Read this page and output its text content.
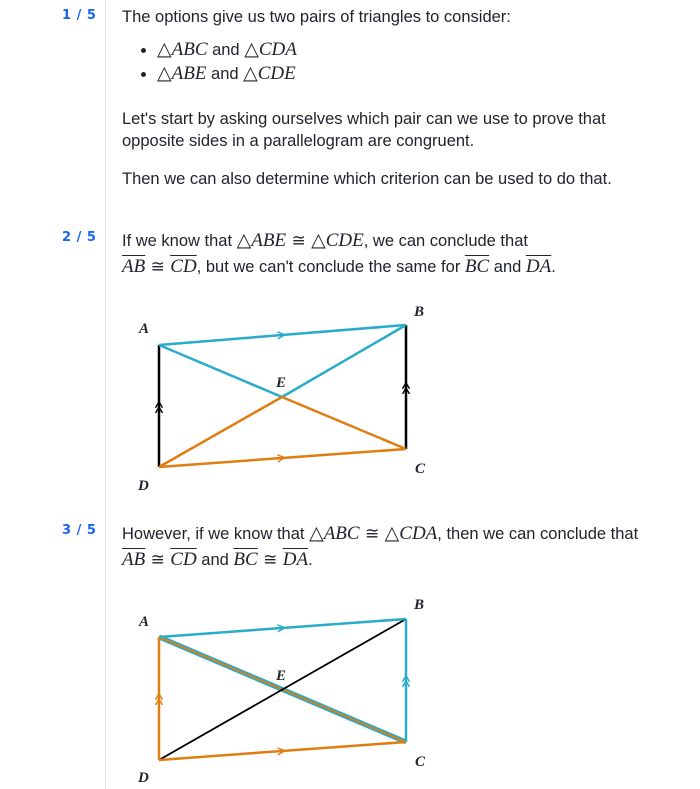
1 / 5 The options give us two pairs of triangles to consider:
• △ABC and △CDA
• △ABE and △CDE
Let's start by asking ourselves which pair can we use to prove that opposite sides in a parallelogram are congruent.
Then we can also determine which criterion can be used to do that.
2 / 5 If we know that △ABE ≅ △CDE, we can conclude that
$\overline{AB}$ ≅ $\overline{CD}$, but we can't conclude the same for $\overline{BC}$ and $\overline{DA}$.
A
B
C
D
E
A
B
C
D
E
3 / 5 However, if we know that △ABC ≅ △CDA, then we can conclude that $\overline{AB}$ ≅ $\overline{CD}$ and $\overline{BC}$ ≅ $\overline{DA}$.
